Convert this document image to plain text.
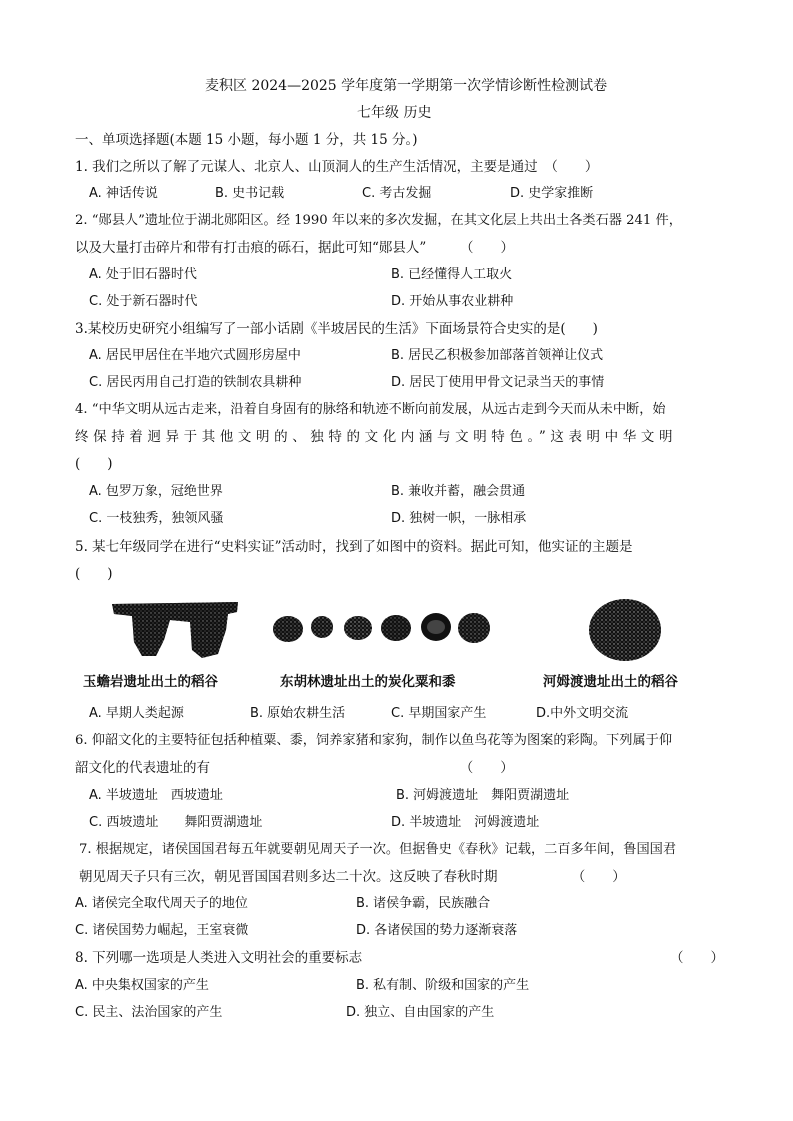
麦积区 2024—2025 学年度第一学期第一次学情诊断性检测试卷
七年级 历史
一、单项选择题(本题 15 小题，每小题 1 分，共 15 分。)
1. 我们之所以了解了元谋人、北京人、山顶洞人的生产生活情况，主要是通过　（　　）
A. 神话传说	B. 史书记载	C. 考古发掘	D. 史学家推断
2. “郧县人”遗址位于湖北郧阳区。经 1990 年以来的多次发掘，在其文化层上共出土各类石器 241 件，
以及大量打击碎片和带有打击痕的砾石，据此可知“郧县人”　　　（　　）
A. 处于旧石器时代	B. 已经懂得人工取火
C. 处于新石器时代	D. 开始从事农业耕种
3.某校历史研究小组编写了一部小话剧《半坡居民的生活》下面场景符合史实的是(　　)
A. 居民甲居住在半地穴式圆形房屋中	B. 居民乙积极参加部落首领禅让仪式
C. 居民丙用自己打造的铁制农具耕种	D. 居民丁使用甲骨文记录当天的事情
4. “中华文明从远古走来，沿着自身固有的脉络和轨迹不断向前发展，从远古走到今天而从未中断，始
终保持着迥异于其他文明的、独特的文化内涵与文明特色。”这表明中华文明
(　　)
A. 包罗万象，冠绝世界	B. 兼收并蓄，融会贯通
C. 一枝独秀，独领风骚	D. 独树一帜，一脉相承
5. 某七年级同学在进行“史料实证”活动时，找到了如图中的资料。据此可知，他实证的主题是
(　　)
玉蟾岩遗址出土的稻谷	东胡林遗址出土的炭化粟和黍	河姆渡遗址出土的稻谷
A. 早期人类起源	B. 原始农耕生活	C. 早期国家产生	D.中外文明交流
6. 仰韶文化的主要特征包括种植粟、黍，饲养家猪和家狗，制作以鱼鸟花等为图案的彩陶。下列属于仰
韶文化的代表遗址的有　　　　　　　　　　　　　　　　　　　（　　）
A. 半坡遗址　西坡遗址	B. 河姆渡遗址　舞阳贾湖遗址
C. 西坡遗址　　舞阳贾湖遗址	D. 半坡遗址　河姆渡遗址
7. 根据规定，诸侯国国君每五年就要朝见周天子一次。但据鲁史《春秋》记载，二百多年间，鲁国国君
朝见周天子只有三次，朝见晋国国君则多达二十次。这反映了春秋时期　　　　　　（　　）
A. 诸侯完全取代周天子的地位	B. 诸侯争霸，民族融合
C. 诸侯国势力崛起，王室衰微	D. 各诸侯国的势力逐渐衰落
8. 下列哪一选项是人类进入文明社会的重要标志	（　　）
A. 中央集权国家的产生	B. 私有制、阶级和国家的产生
C. 民主、法治国家的产生	D. 独立、自由国家的产生
